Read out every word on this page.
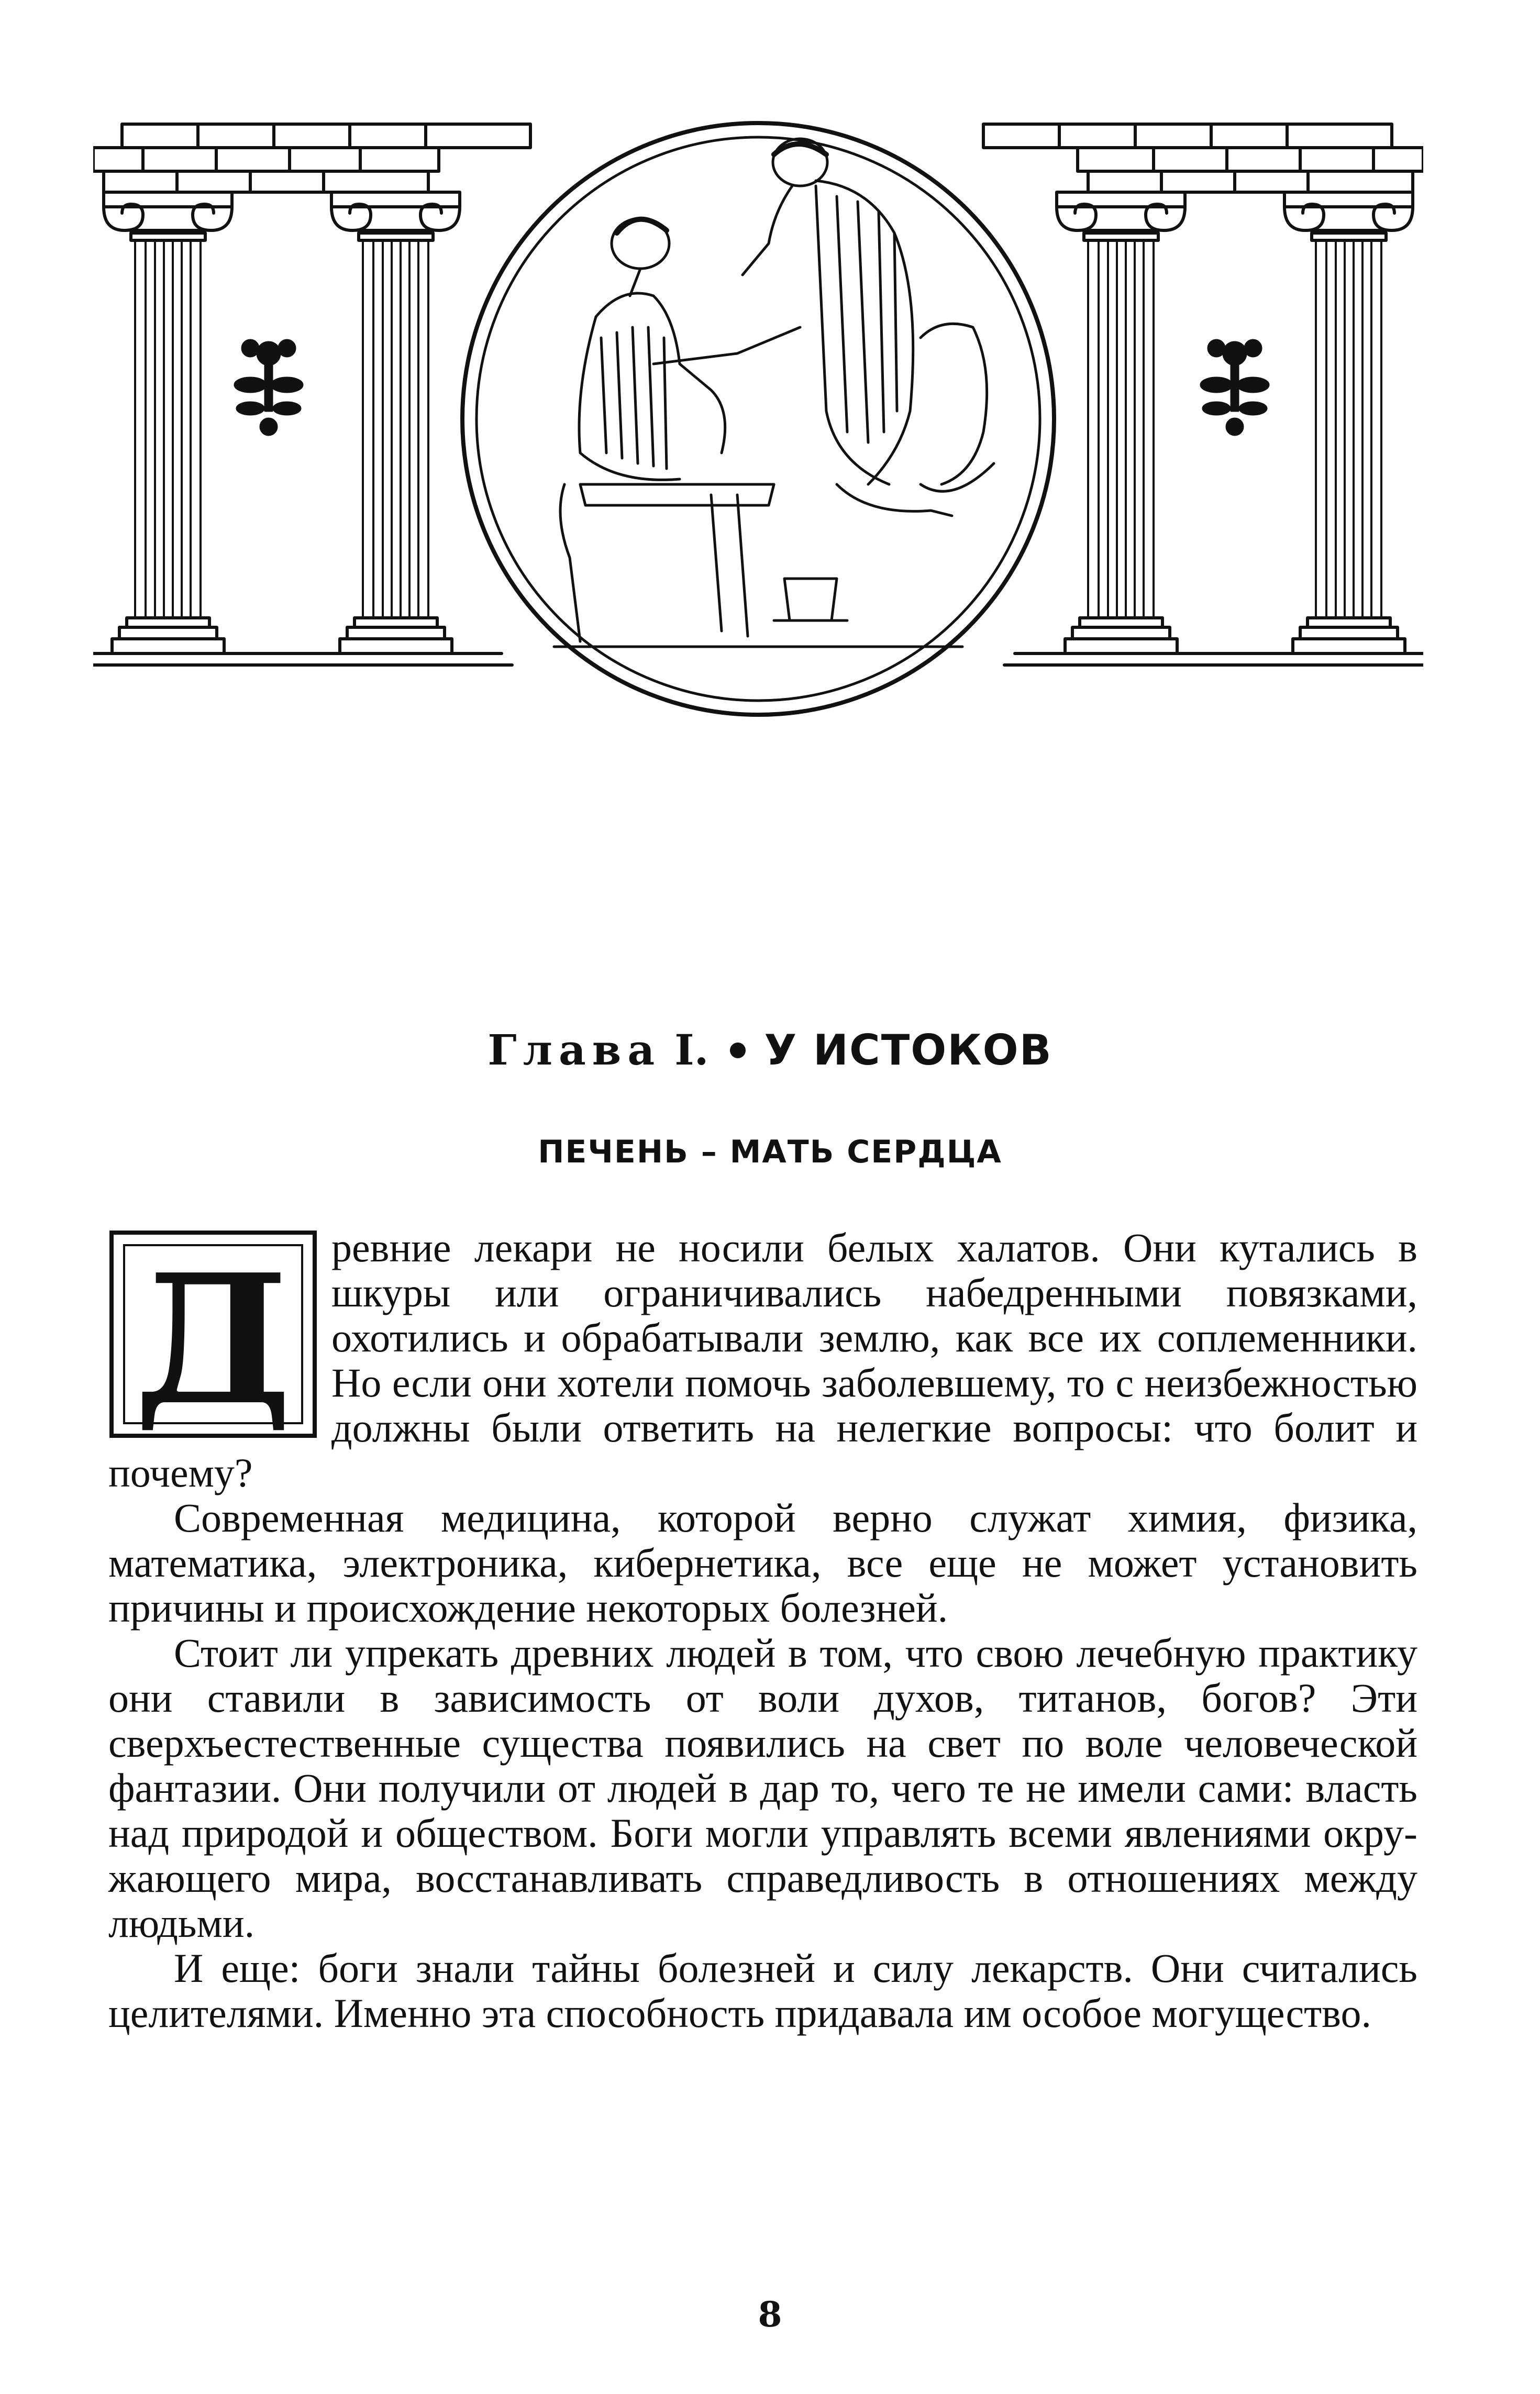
Глава I. У ИСТОКОВ
ПЕЧЕНЬ – МАТЬ СЕРДЦА
Д ревние лекари не носили белых халатов. Они кутались в шкуры или ограничивались набедренными повязками, охотились и обрабатывали землю, как все их соплеменники. Но если они хотели помочь заболевшему, то с неизбежностью должны были ответить на нелегкие вопросы: что болит и почему?

Современная медицина, которой верно служат химия, физика, математика, электроника, кибернетика, все еще не может установить причины и происхождение некоторых болезней.

Стоит ли упрекать древних людей в том, что свою лечебную практику они ставили в зависимость от воли духов, титанов, богов? Эти сверхъестественные существа появились на свет по воле человеческой фантазии. Они получили от людей в дар то, чего те не имели сами: власть над природой и обществом. Боги могли управлять всеми явлениями окружающего мира, восстанавливать справедливость в отношениях между людьми.

И еще: боги знали тайны болезней и силу лекарств. Они считались целителями. Именно эта способность придавала им особое могущество.

8
